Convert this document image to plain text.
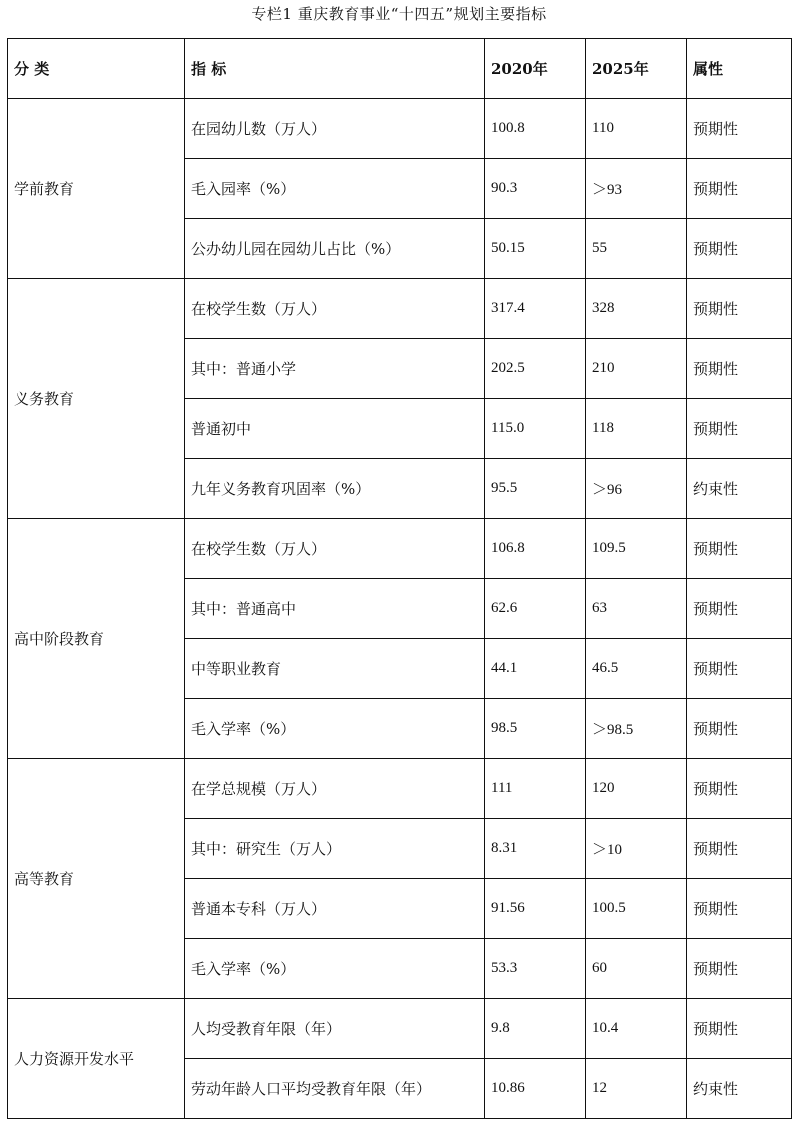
专栏1 重庆教育事业“十四五”规划主要指标
分 类	指 标	2020年	2025年	属性
学前教育	在园幼儿数（万人）	100.8	110	预期性
	毛入园率（%）	90.3	＞93	预期性
	公办幼儿园在园幼儿占比（%）	50.15	55	预期性
义务教育	在校学生数（万人）	317.4	328	预期性
	其中：普通小学	202.5	210	预期性
	普通初中	115.0	118	预期性
	九年义务教育巩固率（%）	95.5	＞96	约束性
高中阶段教育	在校学生数（万人）	106.8	109.5	预期性
	其中：普通高中	62.6	63	预期性
	中等职业教育	44.1	46.5	预期性
	毛入学率（%）	98.5	＞98.5	预期性
高等教育	在学总规模（万人）	111	120	预期性
	其中：研究生（万人）	8.31	＞10	预期性
	普通本专科（万人）	91.56	100.5	预期性
	毛入学率（%）	53.3	60	预期性
人力资源开发水平	人均受教育年限（年）	9.8	10.4	预期性
	劳动年龄人口平均受教育年限（年）	10.86	12	约束性
